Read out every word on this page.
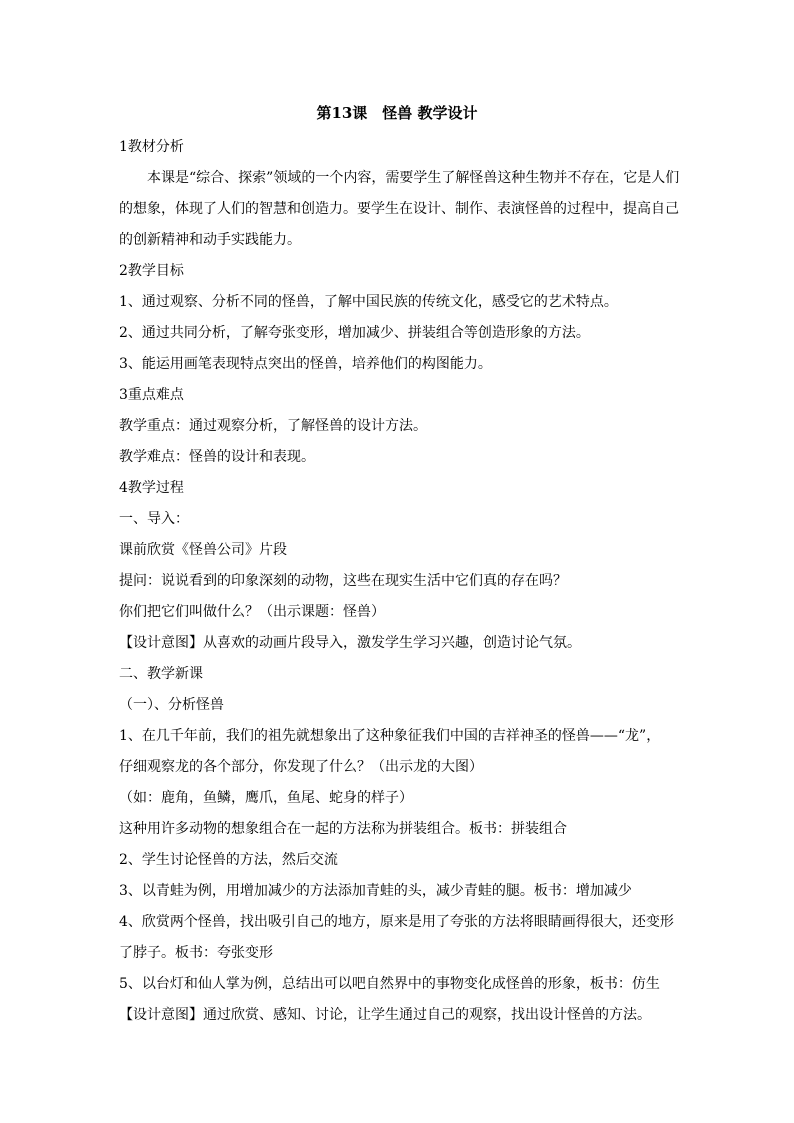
第13课　怪兽 教学设计
1教材分析
本课是“综合、探索”领域的一个内容，需要学生了解怪兽这种生物并不存在，它是人们
的想象，体现了人们的智慧和创造力。要学生在设计、制作、表演怪兽的过程中，提高自己
的创新精神和动手实践能力。
2教学目标
1、通过观察、分析不同的怪兽，了解中国民族的传统文化，感受它的艺术特点。
2、通过共同分析，了解夸张变形，增加减少、拼装组合等创造形象的方法。
3、能运用画笔表现特点突出的怪兽，培养他们的构图能力。
3重点难点
教学重点：通过观察分析，了解怪兽的设计方法。
教学难点：怪兽的设计和表现。
4教学过程
一、导入：
课前欣赏《怪兽公司》片段
提问：说说看到的印象深刻的动物，这些在现实生活中它们真的存在吗？
你们把它们叫做什么？（出示课题：怪兽）
【设计意图】从喜欢的动画片段导入，激发学生学习兴趣，创造讨论气氛。
二、教学新课
（一）、分析怪兽
1、在几千年前，我们的祖先就想象出了这种象征我们中国的吉祥神圣的怪兽——“龙”，
仔细观察龙的各个部分，你发现了什么？（出示龙的大图）
（如：鹿角，鱼鳞，鹰爪，鱼尾、蛇身的样子）
这种用许多动物的想象组合在一起的方法称为拼装组合。板书：拼装组合
2、学生讨论怪兽的方法，然后交流
3、以青蛙为例，用增加减少的方法添加青蛙的头，减少青蛙的腿。板书：增加减少
4、欣赏两个怪兽，找出吸引自己的地方，原来是用了夸张的方法将眼睛画得很大，还变形
了脖子。板书：夸张变形
5、以台灯和仙人掌为例，总结出可以吧自然界中的事物变化成怪兽的形象，板书：仿生
【设计意图】通过欣赏、感知、讨论，让学生通过自己的观察，找出设计怪兽的方法。
